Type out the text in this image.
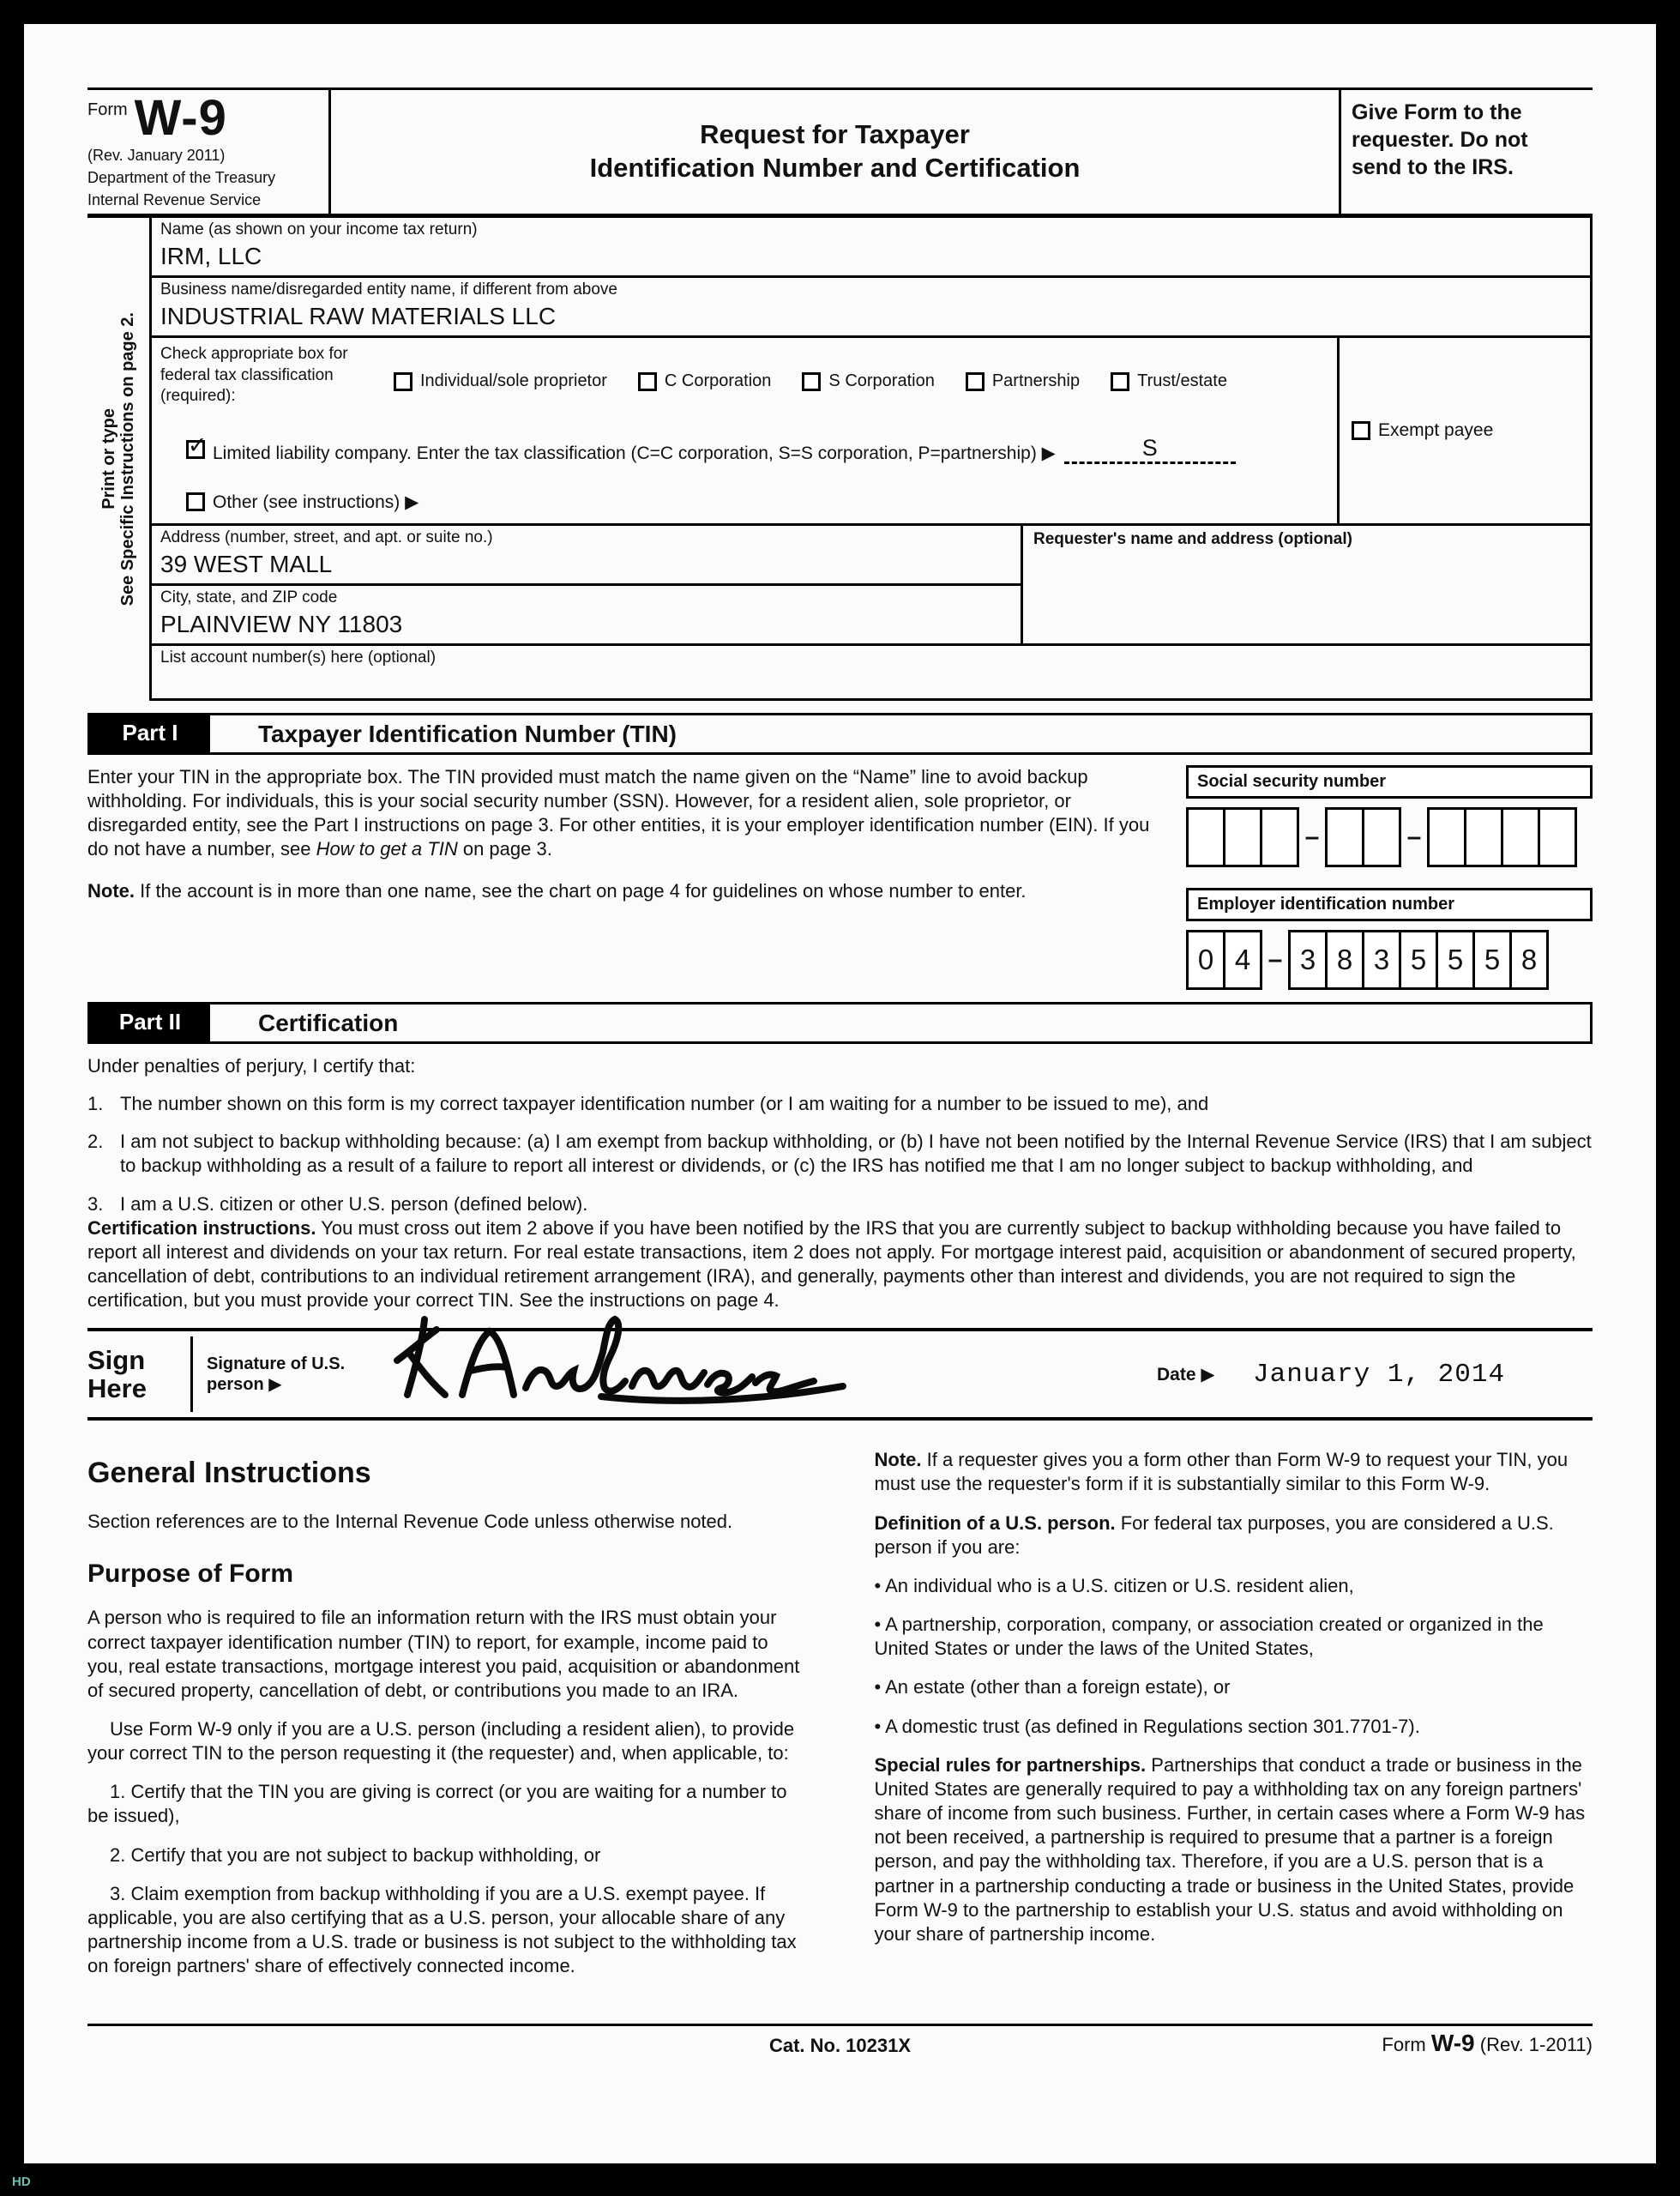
Form W-9
(Rev. January 2011)
Department of the Treasury
Internal Revenue Service
Request for Taxpayer
Identification Number and Certification
Give Form to the requester. Do not send to the IRS.
Print or type See Specific Instructions on page 2.
Name (as shown on your income tax return)
IRM, LLC
Business name/disregarded entity name, if different from above
INDUSTRIAL RAW MATERIALS LLC
Check appropriate box for federal tax classification (required):
Individual/sole proprietor	C Corporation	S Corporation	Partnership	Trust/estate
✓ Limited liability company. Enter the tax classification (C=C corporation, S=S corporation, P=partnership) ▶	S
Other (see instructions) ▶
Exempt payee
Address (number, street, and apt. or suite no.)
39 WEST MALL
City, state, and ZIP code
PLAINVIEW NY 11803
Requester's name and address (optional)
List account number(s) here (optional)
Part I	Taxpayer Identification Number (TIN)

Enter your TIN in the appropriate box. The TIN provided must match the name given on the “Name” line to avoid backup withholding. For individuals, this is your social security number (SSN). However, for a resident alien, sole proprietor, or disregarded entity, see the Part I instructions on page 3. For other entities, it is your employer identification number (EIN). If you do not have a number, see How to get a TIN on page 3.

Note. If the account is in more than one name, see the chart on page 4 for guidelines on whose number to enter.

Social security number
–	–
Employer identification number
0 4 – 3 8 3 5 5 5 8
Part II	Certification

Under penalties of perjury, I certify that:

1. The number shown on this form is my correct taxpayer identification number (or I am waiting for a number to be issued to me), and
2. I am not subject to backup withholding because: (a) I am exempt from backup withholding, or (b) I have not been notified by the Internal Revenue Service (IRS) that I am subject to backup withholding as a result of a failure to report all interest or dividends, or (c) the IRS has notified me that I am no longer subject to backup withholding, and
3. I am a U.S. citizen or other U.S. person (defined below).

Certification instructions. You must cross out item 2 above if you have been notified by the IRS that you are currently subject to backup withholding because you have failed to report all interest and dividends on your tax return. For real estate transactions, item 2 does not apply. For mortgage interest paid, acquisition or abandonment of secured property, cancellation of debt, contributions to an individual retirement arrangement (IRA), and generally, payments other than interest and dividends, you are not required to sign the certification, but you must provide your correct TIN. See the instructions on page 4.

Sign Here
Signature of U.S. person ▶
Date ▶	January 1, 2014
General Instructions

Section references are to the Internal Revenue Code unless otherwise noted.

Purpose of Form

A person who is required to file an information return with the IRS must obtain your correct taxpayer identification number (TIN) to report, for example, income paid to you, real estate transactions, mortgage interest you paid, acquisition or abandonment of secured property, cancellation of debt, or contributions you made to an IRA.

Use Form W-9 only if you are a U.S. person (including a resident alien), to provide your correct TIN to the person requesting it (the requester) and, when applicable, to:

1. Certify that the TIN you are giving is correct (or you are waiting for a number to be issued),

2. Certify that you are not subject to backup withholding, or

3. Claim exemption from backup withholding if you are a U.S. exempt payee. If applicable, you are also certifying that as a U.S. person, your allocable share of any partnership income from a U.S. trade or business is not subject to the withholding tax on foreign partners' share of effectively connected income.

Note. If a requester gives you a form other than Form W-9 to request your TIN, you must use the requester's form if it is substantially similar to this Form W-9.

Definition of a U.S. person. For federal tax purposes, you are considered a U.S. person if you are:

• An individual who is a U.S. citizen or U.S. resident alien,

• A partnership, corporation, company, or association created or organized in the United States or under the laws of the United States,

• An estate (other than a foreign estate), or

• A domestic trust (as defined in Regulations section 301.7701-7).

Special rules for partnerships. Partnerships that conduct a trade or business in the United States are generally required to pay a withholding tax on any foreign partners' share of income from such business. Further, in certain cases where a Form W-9 has not been received, a partnership is required to presume that a partner is a foreign person, and pay the withholding tax. Therefore, if you are a U.S. person that is a partner in a partnership conducting a trade or business in the United States, provide Form W-9 to the partnership to establish your U.S. status and avoid withholding on your share of partnership income.

Cat. No. 10231X	Form W-9 (Rev. 1-2011)
HD
